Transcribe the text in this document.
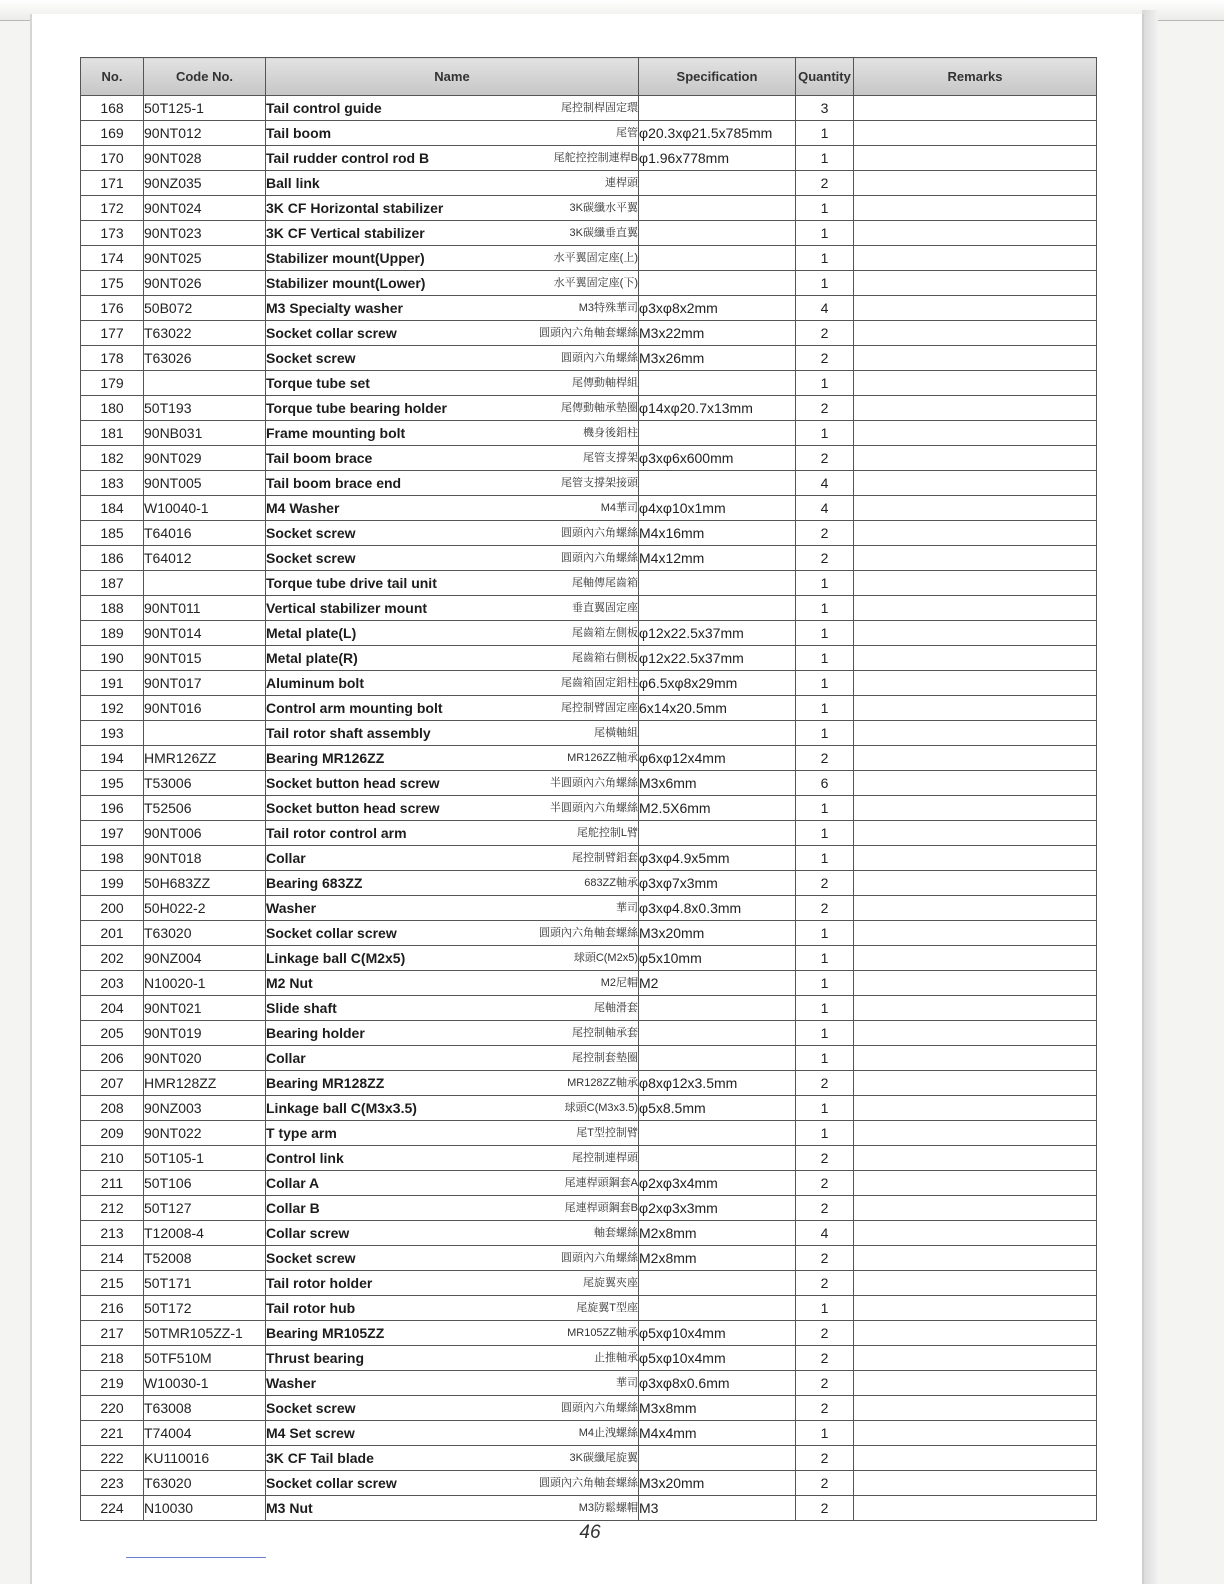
No.	Code No.	Name	Specification	Quantity	Remarks
168	50T125-1	Tail control guide 尾控制桿固定環		3	
169	90NT012	Tail boom 尾管	φ20.3xφ21.5x785mm	1	
170	90NT028	Tail rudder control rod B 尾舵控控制連桿B	φ1.96x778mm	1	
171	90NZ035	Ball link 連桿頭		2	
172	90NT024	3K CF Horizontal stabilizer 3K碳纖水平翼		1	
173	90NT023	3K CF Vertical stabilizer 3K碳纖垂直翼		1	
174	90NT025	Stabilizer mount(Upper) 水平翼固定座(上)		1	
175	90NT026	Stabilizer mount(Lower) 水平翼固定座(下)		1	
176	50B072	M3 Specialty washer M3特殊華司	φ3xφ8x2mm	4	
177	T63022	Socket collar screw 圓頭內六角軸套螺絲	M3x22mm	2	
178	T63026	Socket screw 圓頭內六角螺絲	M3x26mm	2	
179		Torque tube set 尾傳動軸桿組		1	
180	50T193	Torque tube bearing holder 尾傳動軸承墊圈	φ14xφ20.7x13mm	2	
181	90NB031	Frame mounting bolt 機身後鋁柱		1	
182	90NT029	Tail boom brace 尾管支撐架	φ3xφ6x600mm	2	
183	90NT005	Tail boom brace end 尾管支撐架接頭		4	
184	W10040-1	M4 Washer M4華司	φ4xφ10x1mm	4	
185	T64016	Socket screw 圓頭內六角螺絲	M4x16mm	2	
186	T64012	Socket screw 圓頭內六角螺絲	M4x12mm	2	
187		Torque tube drive tail unit 尾軸傳尾齒箱		1	
188	90NT011	Vertical stabilizer mount 垂直翼固定座		1	
189	90NT014	Metal plate(L) 尾齒箱左側板	φ12x22.5x37mm	1	
190	90NT015	Metal plate(R) 尾齒箱右側板	φ12x22.5x37mm	1	
191	90NT017	Aluminum bolt 尾齒箱固定鋁柱	φ6.5xφ8x29mm	1	
192	90NT016	Control arm mounting bolt 尾控制臂固定座	6x14x20.5mm	1	
193		Tail rotor shaft assembly 尾橫軸組		1	
194	HMR126ZZ	Bearing MR126ZZ MR126ZZ軸承	φ6xφ12x4mm	2	
195	T53006	Socket button head screw 半圓頭內六角螺絲	M3x6mm	6	
196	T52506	Socket button head screw 半圓頭內六角螺絲	M2.5X6mm	1	
197	90NT006	Tail rotor control arm 尾舵控制L臂		1	
198	90NT018	Collar 尾控制臂鋁套	φ3xφ4.9x5mm	1	
199	50H683ZZ	Bearing 683ZZ 683ZZ軸承	φ3xφ7x3mm	2	
200	50H022-2	Washer 華司	φ3xφ4.8x0.3mm	2	
201	T63020	Socket collar screw 圓頭內六角軸套螺絲	M3x20mm	1	
202	90NZ004	Linkage ball C(M2x5) 球頭C(M2x5)	φ5x10mm	1	
203	N10020-1	M2 Nut M2尼帽	M2	1	
204	90NT021	Slide shaft 尾軸滑套		1	
205	90NT019	Bearing holder 尾控制軸承套		1	
206	90NT020	Collar 尾控制套墊圈		1	
207	HMR128ZZ	Bearing MR128ZZ MR128ZZ軸承	φ8xφ12x3.5mm	2	
208	90NZ003	Linkage ball C(M3x3.5) 球頭C(M3x3.5)	φ5x8.5mm	1	
209	90NT022	T type arm 尾T型控制臂		1	
210	50T105-1	Control link 尾控制連桿頭		2	
211	50T106	Collar A 尾連桿頭鋼套A	φ2xφ3x4mm	2	
212	50T127	Collar B 尾連桿頭鋼套B	φ2xφ3x3mm	2	
213	T12008-4	Collar screw 軸套螺絲	M2x8mm	4	
214	T52008	Socket screw 圓頭內六角螺絲	M2x8mm	2	
215	50T171	Tail rotor holder 尾旋翼夾座		2	
216	50T172	Tail rotor hub 尾旋翼T型座		1	
217	50TMR105ZZ-1	Bearing MR105ZZ MR105ZZ軸承	φ5xφ10x4mm	2	
218	50TF510M	Thrust bearing 止推軸承	φ5xφ10x4mm	2	
219	W10030-1	Washer 華司	φ3xφ8x0.6mm	2	
220	T63008	Socket screw 圓頭內六角螺絲	M3x8mm	2	
221	T74004	M4 Set screw M4止洩螺絲	M4x4mm	1	
222	KU110016	3K CF Tail blade 3K碳纖尾旋翼		2	
223	T63020	Socket collar screw 圓頭內六角軸套螺絲	M3x20mm	2	
224	N10030	M3 Nut M3防鬆螺帽	M3	2	
46
